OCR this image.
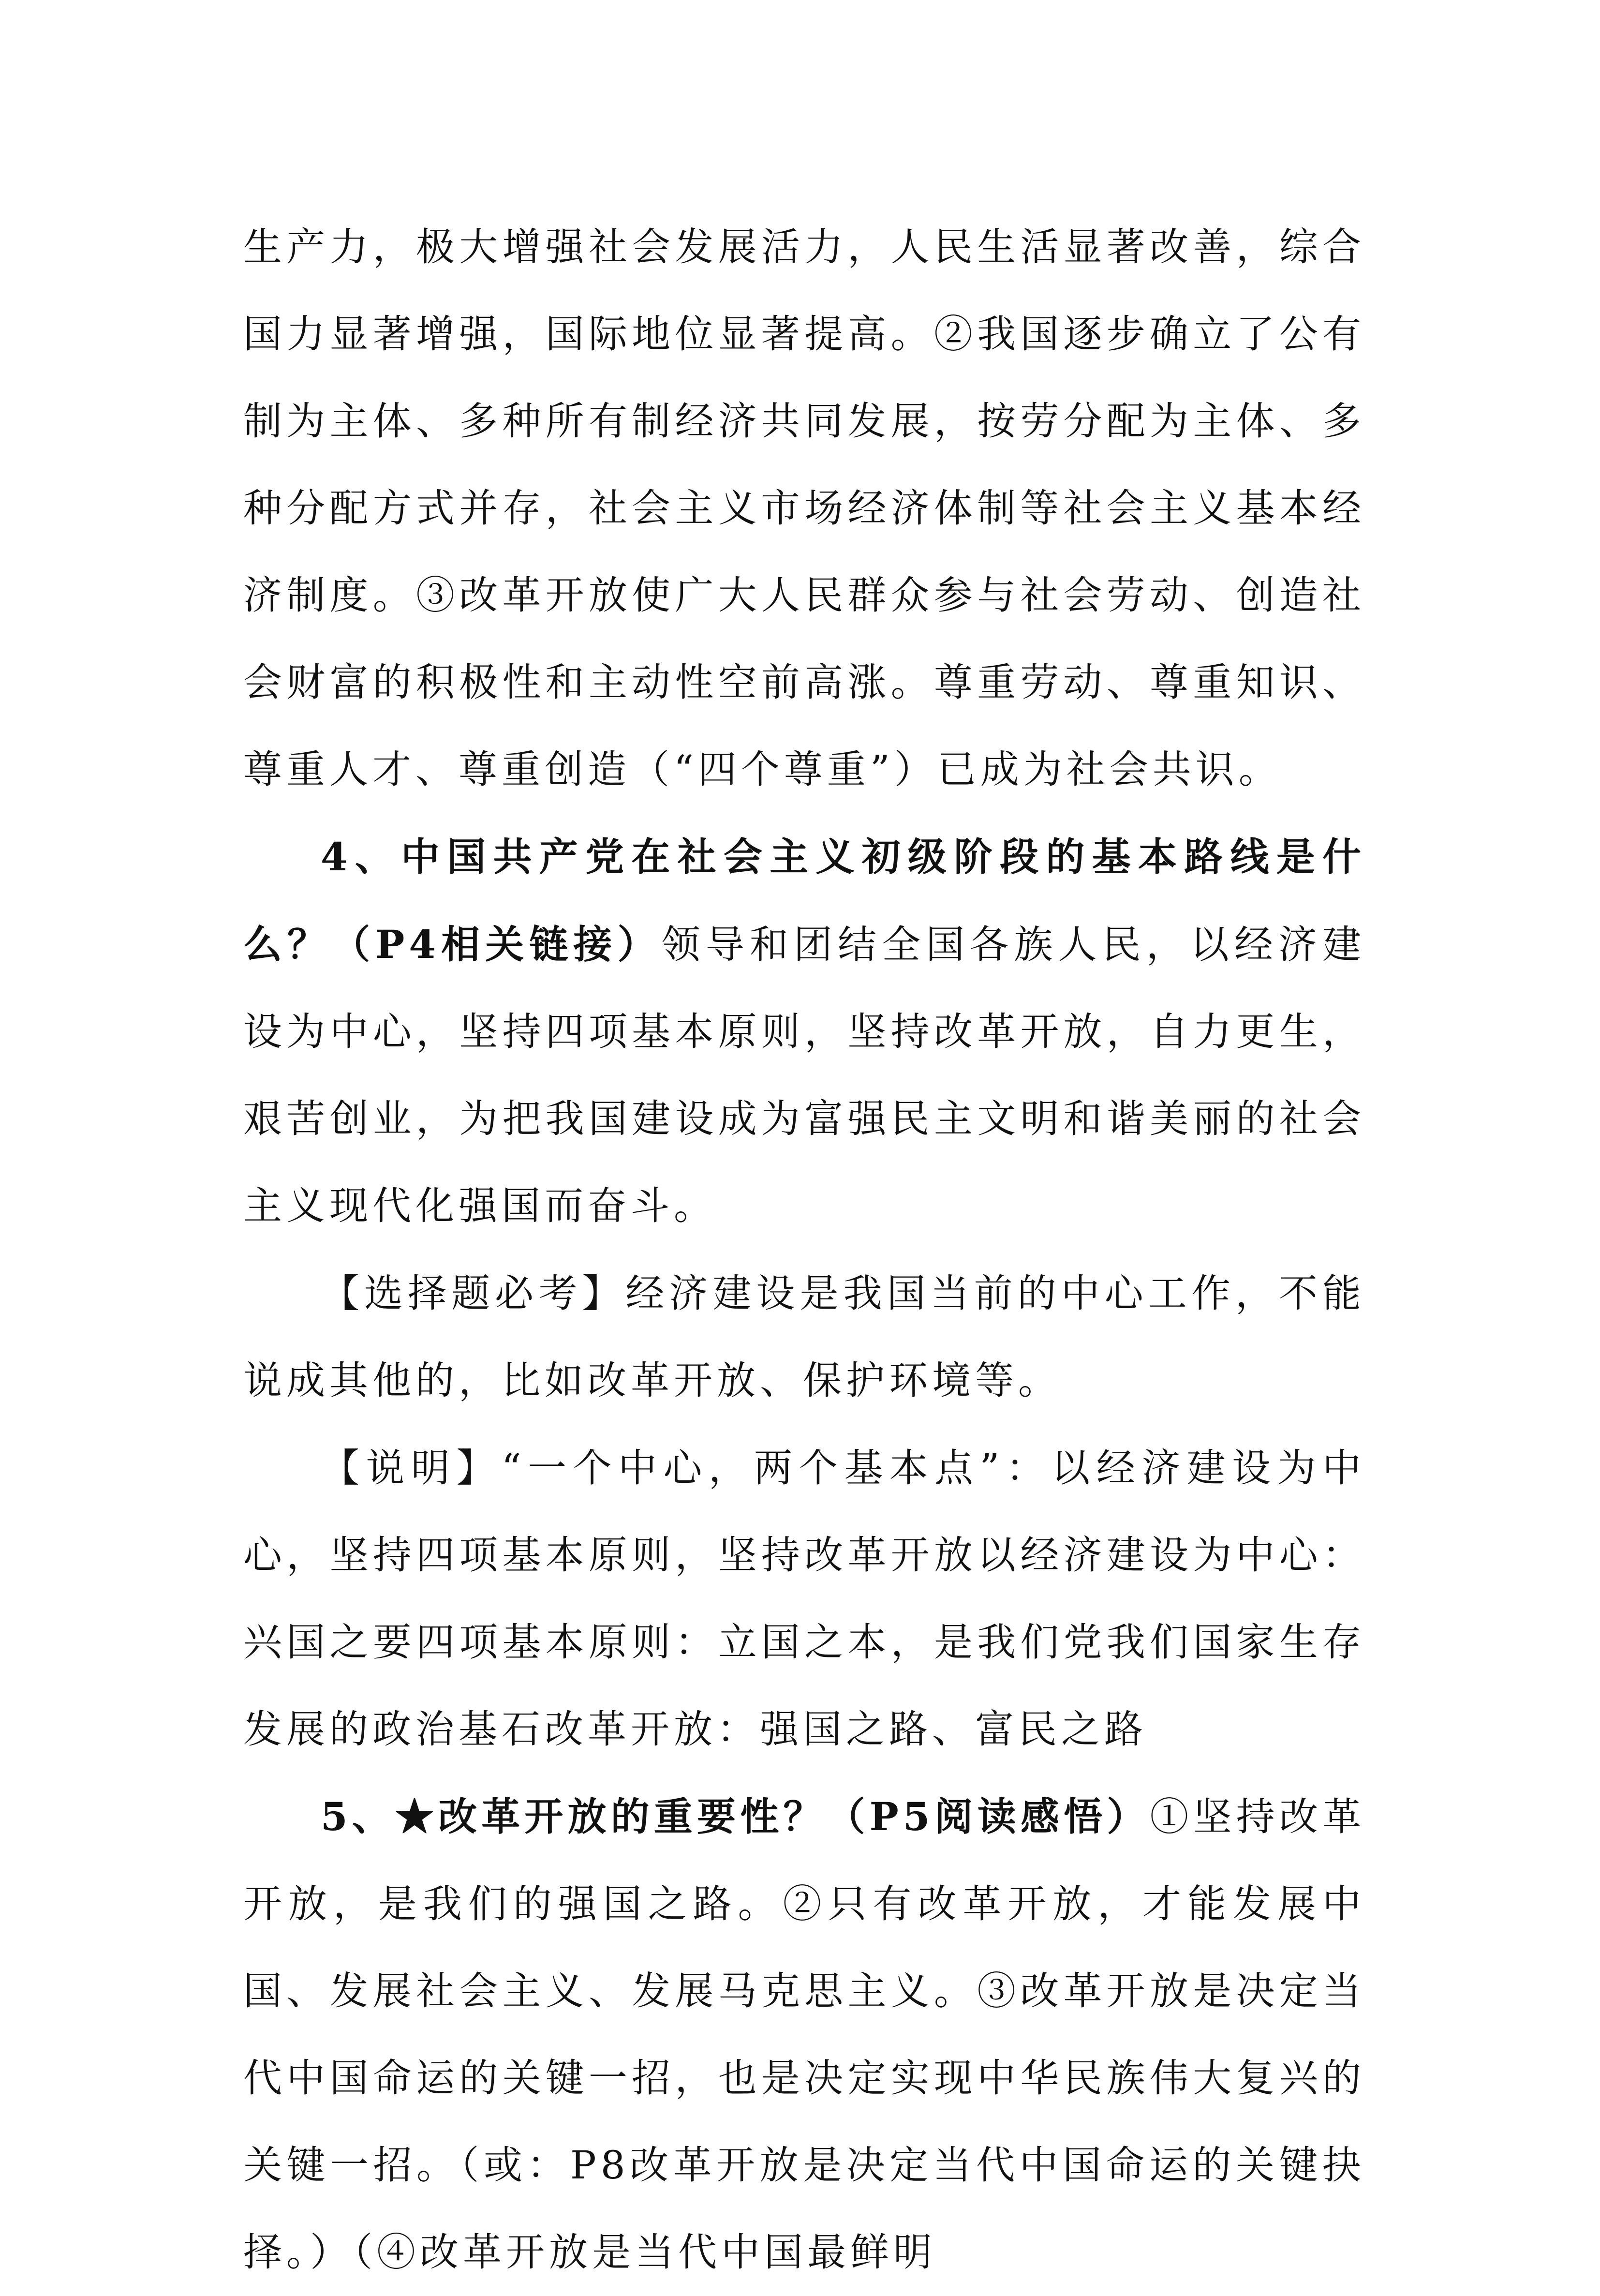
生产力，极大增强社会发展活力，人民生活显著改善，综合国力显著增强，国际地位显著提高。②我国逐步确立了公有制为主体、多种所有制经济共同发展，按劳分配为主体、多种分配方式并存，社会主义市场经济体制等社会主义基本经济制度。③改革开放使广大人民群众参与社会劳动、创造社会财富的积极性和主动性空前高涨。尊重劳动、尊重知识、尊重人才、尊重创造（“四个尊重”）已成为社会共识。

4、中国共产党在社会主义初级阶段的基本路线是什么？（P4相关链接）领导和团结全国各族人民，以经济建设为中心，坚持四项基本原则，坚持改革开放，自力更生，艰苦创业，为把我国建设成为富强民主文明和谐美丽的社会主义现代化强国而奋斗。

【选择题必考】经济建设是我国当前的中心工作，不能说成其他的，比如改革开放、保护环境等。

【说明】“一个中心，两个基本点”：以经济建设为中心，坚持四项基本原则，坚持改革开放以经济建设为中心：兴国之要四项基本原则：立国之本，是我们党我们国家生存发展的政治基石改革开放：强国之路、富民之路

5、★改革开放的重要性？（P5阅读感悟）①坚持改革开放，是我们的强国之路。②只有改革开放，才能发展中国、发展社会主义、发展马克思主义。③改革开放是决定当代中国命运的关键一招，也是决定实现中华民族伟大复兴的关键一招。（或：P8改革开放是决定当代中国命运的关键抉择。）（④改革开放是当代中国最鲜明
